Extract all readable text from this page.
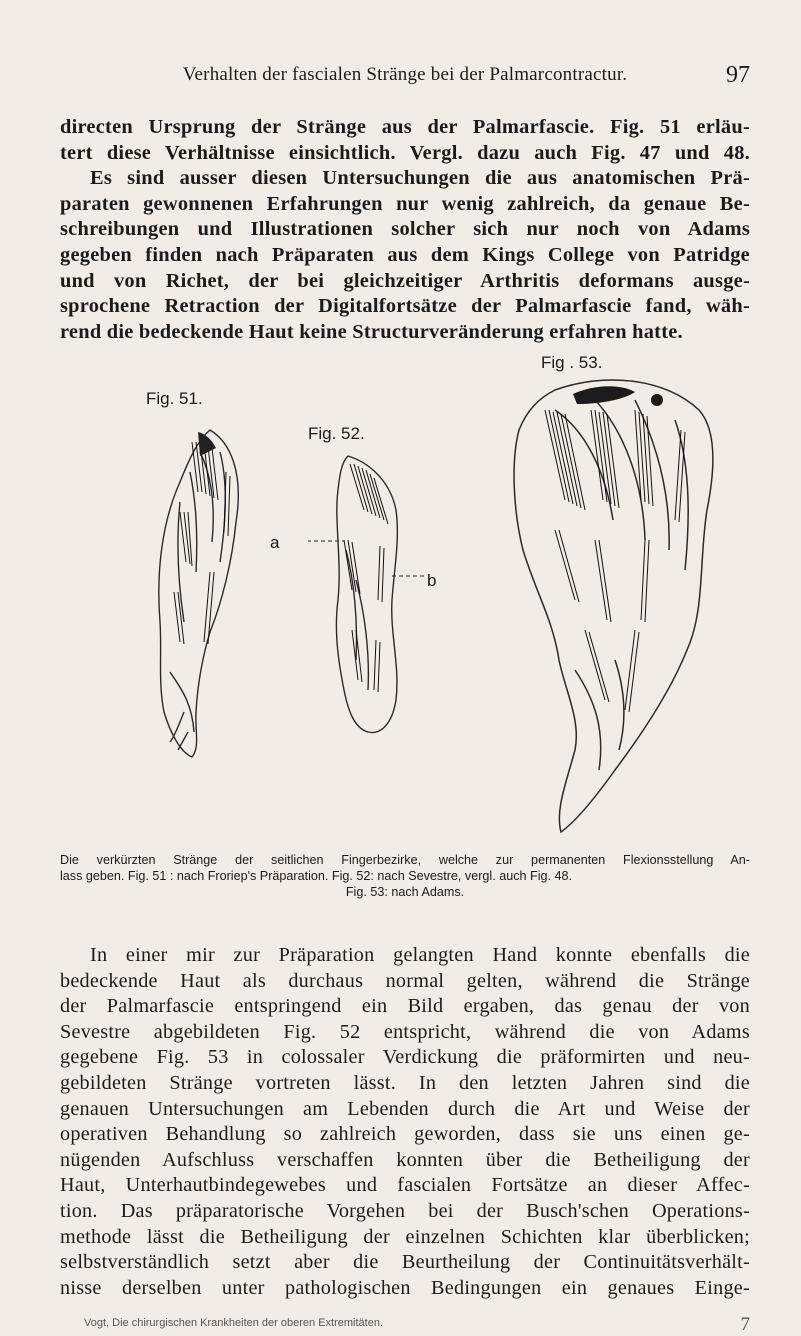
Verhalten der fascialen Stränge bei der Palmarcontractur.	97
directen Ursprung der Stränge aus der Palmarfascie. Fig. 51 erläu-
tert diese Verhältnisse einsichtlich. Vergl. dazu auch Fig. 47 und 48.
Es sind ausser diesen Untersuchungen die aus anatomischen Prä-
paraten gewonnenen Erfahrungen nur wenig zahlreich, da genaue Be-
schreibungen und Illustrationen solcher sich nur noch von Adams
gegeben finden nach Präparaten aus dem Kings College von Patridge
und von Richet, der bei gleichzeitiger Arthritis deformans ausge-
sprochene Retraction der Digitalfortsätze der Palmarfascie fand, wäh-
rend die bedeckende Haut keine Structurveränderung erfahren hatte.
Fig. 51.
Fig. 52.
Fig . 53.
a
b
Die verkürzten Stränge der seitlichen Fingerbezirke, welche zur permanenten Flexionsstellung An-
lass geben. Fig. 51 : nach Froriep's Präparation. Fig. 52: nach Sevestre, vergl. auch Fig. 48.
Fig. 53: nach Adams.
In einer mir zur Präparation gelangten Hand konnte ebenfalls die
bedeckende Haut als durchaus normal gelten, während die Stränge
der Palmarfascie entspringend ein Bild ergaben, das genau der von
Sevestre abgebildeten Fig. 52 entspricht, während die von Adams
gegebene Fig. 53 in colossaler Verdickung die präformirten und neu-
gebildeten Stränge vortreten lässt. In den letzten Jahren sind die
genauen Untersuchungen am Lebenden durch die Art und Weise der
operativen Behandlung so zahlreich geworden, dass sie uns einen ge-
nügenden Aufschluss verschaffen konnten über die Betheiligung der
Haut, Unterhautbindegewebes und fascialen Fortsätze an dieser Affec-
tion. Das präparatorische Vorgehen bei der Busch'schen Operations-
methode lässt die Betheiligung der einzelnen Schichten klar überblicken;
selbstverständlich setzt aber die Beurtheilung der Continuitätsverhält-
nisse derselben unter pathologischen Bedingungen ein genaues Einge-
Vogt, Die chirurgischen Krankheiten der oberen Extremitäten.	7
